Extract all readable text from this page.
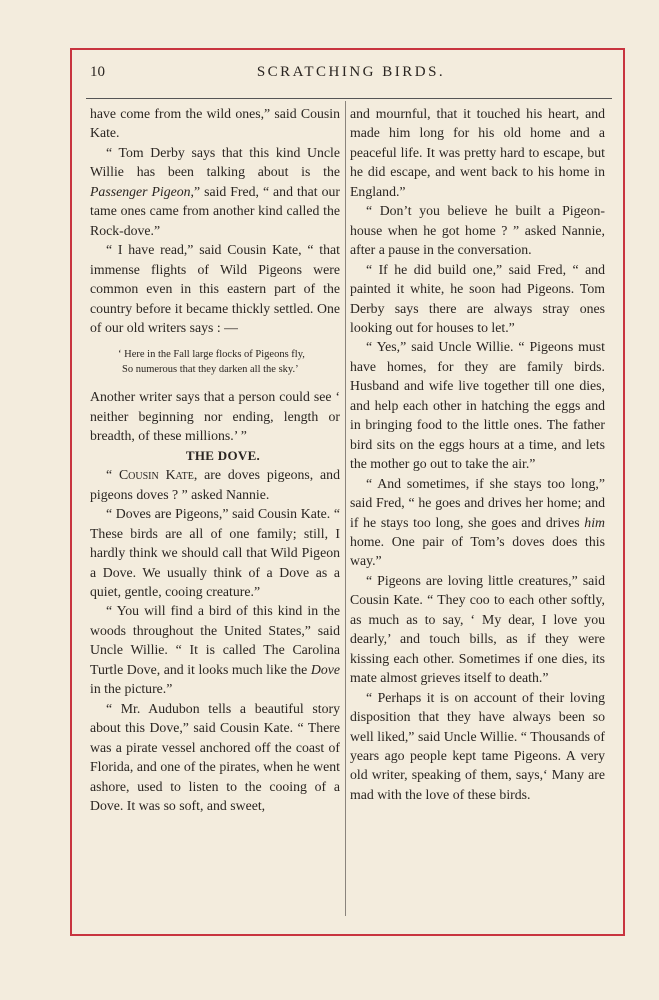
10	SCRATCHING BIRDS.

have come from the wild ones,” said Cousin Kate.

“ Tom Derby says that this kind Uncle Willie has been talking about is the Passenger Pigeon,” said Fred, “ and that our tame ones came from another kind called the Rock-dove.”

“ I have read,” said Cousin Kate, “ that immense flights of Wild Pigeons were common even in this eastern part of the country before it became thickly settled. One of our old writers says : —

‘ Here in the Fall large flocks of Pigeons fly,
So numerous that they darken all the sky.’

Another writer says that a person could see ‘ neither beginning nor ending, length or breadth, of these millions.’ ”

THE DOVE.

“ Cousin Kate, are doves pigeons, and pigeons doves ? ” asked Nannie.

“ Doves are Pigeons,” said Cousin Kate. “ These birds are all of one family; still, I hardly think we should call that Wild Pigeon a Dove. We usually think of a Dove as a quiet, gentle, cooing creature.”

“ You will find a bird of this kind in the woods throughout the United States,” said Uncle Willie. “ It is called The Carolina Turtle Dove, and it looks much like the Dove in the picture.”

“ Mr. Audubon tells a beautiful story about this Dove,” said Cousin Kate. “ There was a pirate vessel anchored off the coast of Florida, and one of the pirates, when he went ashore, used to listen to the cooing of a Dove. It was so soft, and sweet,

and mournful, that it touched his heart, and made him long for his old home and a peaceful life. It was pretty hard to escape, but he did escape, and went back to his home in England.”

“ Don’t you believe he built a Pigeon-house when he got home ? ” asked Nannie, after a pause in the conversation.

“ If he did build one,” said Fred, “ and painted it white, he soon had Pigeons. Tom Derby says there are always stray ones looking out for houses to let.”

“ Yes,” said Uncle Willie. “ Pigeons must have homes, for they are family birds. Husband and wife live together till one dies, and help each other in hatching the eggs and in bringing food to the little ones. The father bird sits on the eggs hours at a time, and lets the mother go out to take the air.”

“ And sometimes, if she stays too long,” said Fred, “ he goes and drives her home; and if he stays too long, she goes and drives him home. One pair of Tom’s doves does this way.”

“ Pigeons are loving little creatures,” said Cousin Kate. “ They coo to each other softly, as much as to say, ‘ My dear, I love you dearly,’ and touch bills, as if they were kissing each other. Sometimes if one dies, its mate almost grieves itself to death.”

“ Perhaps it is on account of their loving disposition that they have always been so well liked,” said Uncle Willie. “ Thousands of years ago people kept tame Pigeons. A very old writer, speaking of them, says,‘ Many are mad with the love of these birds.
